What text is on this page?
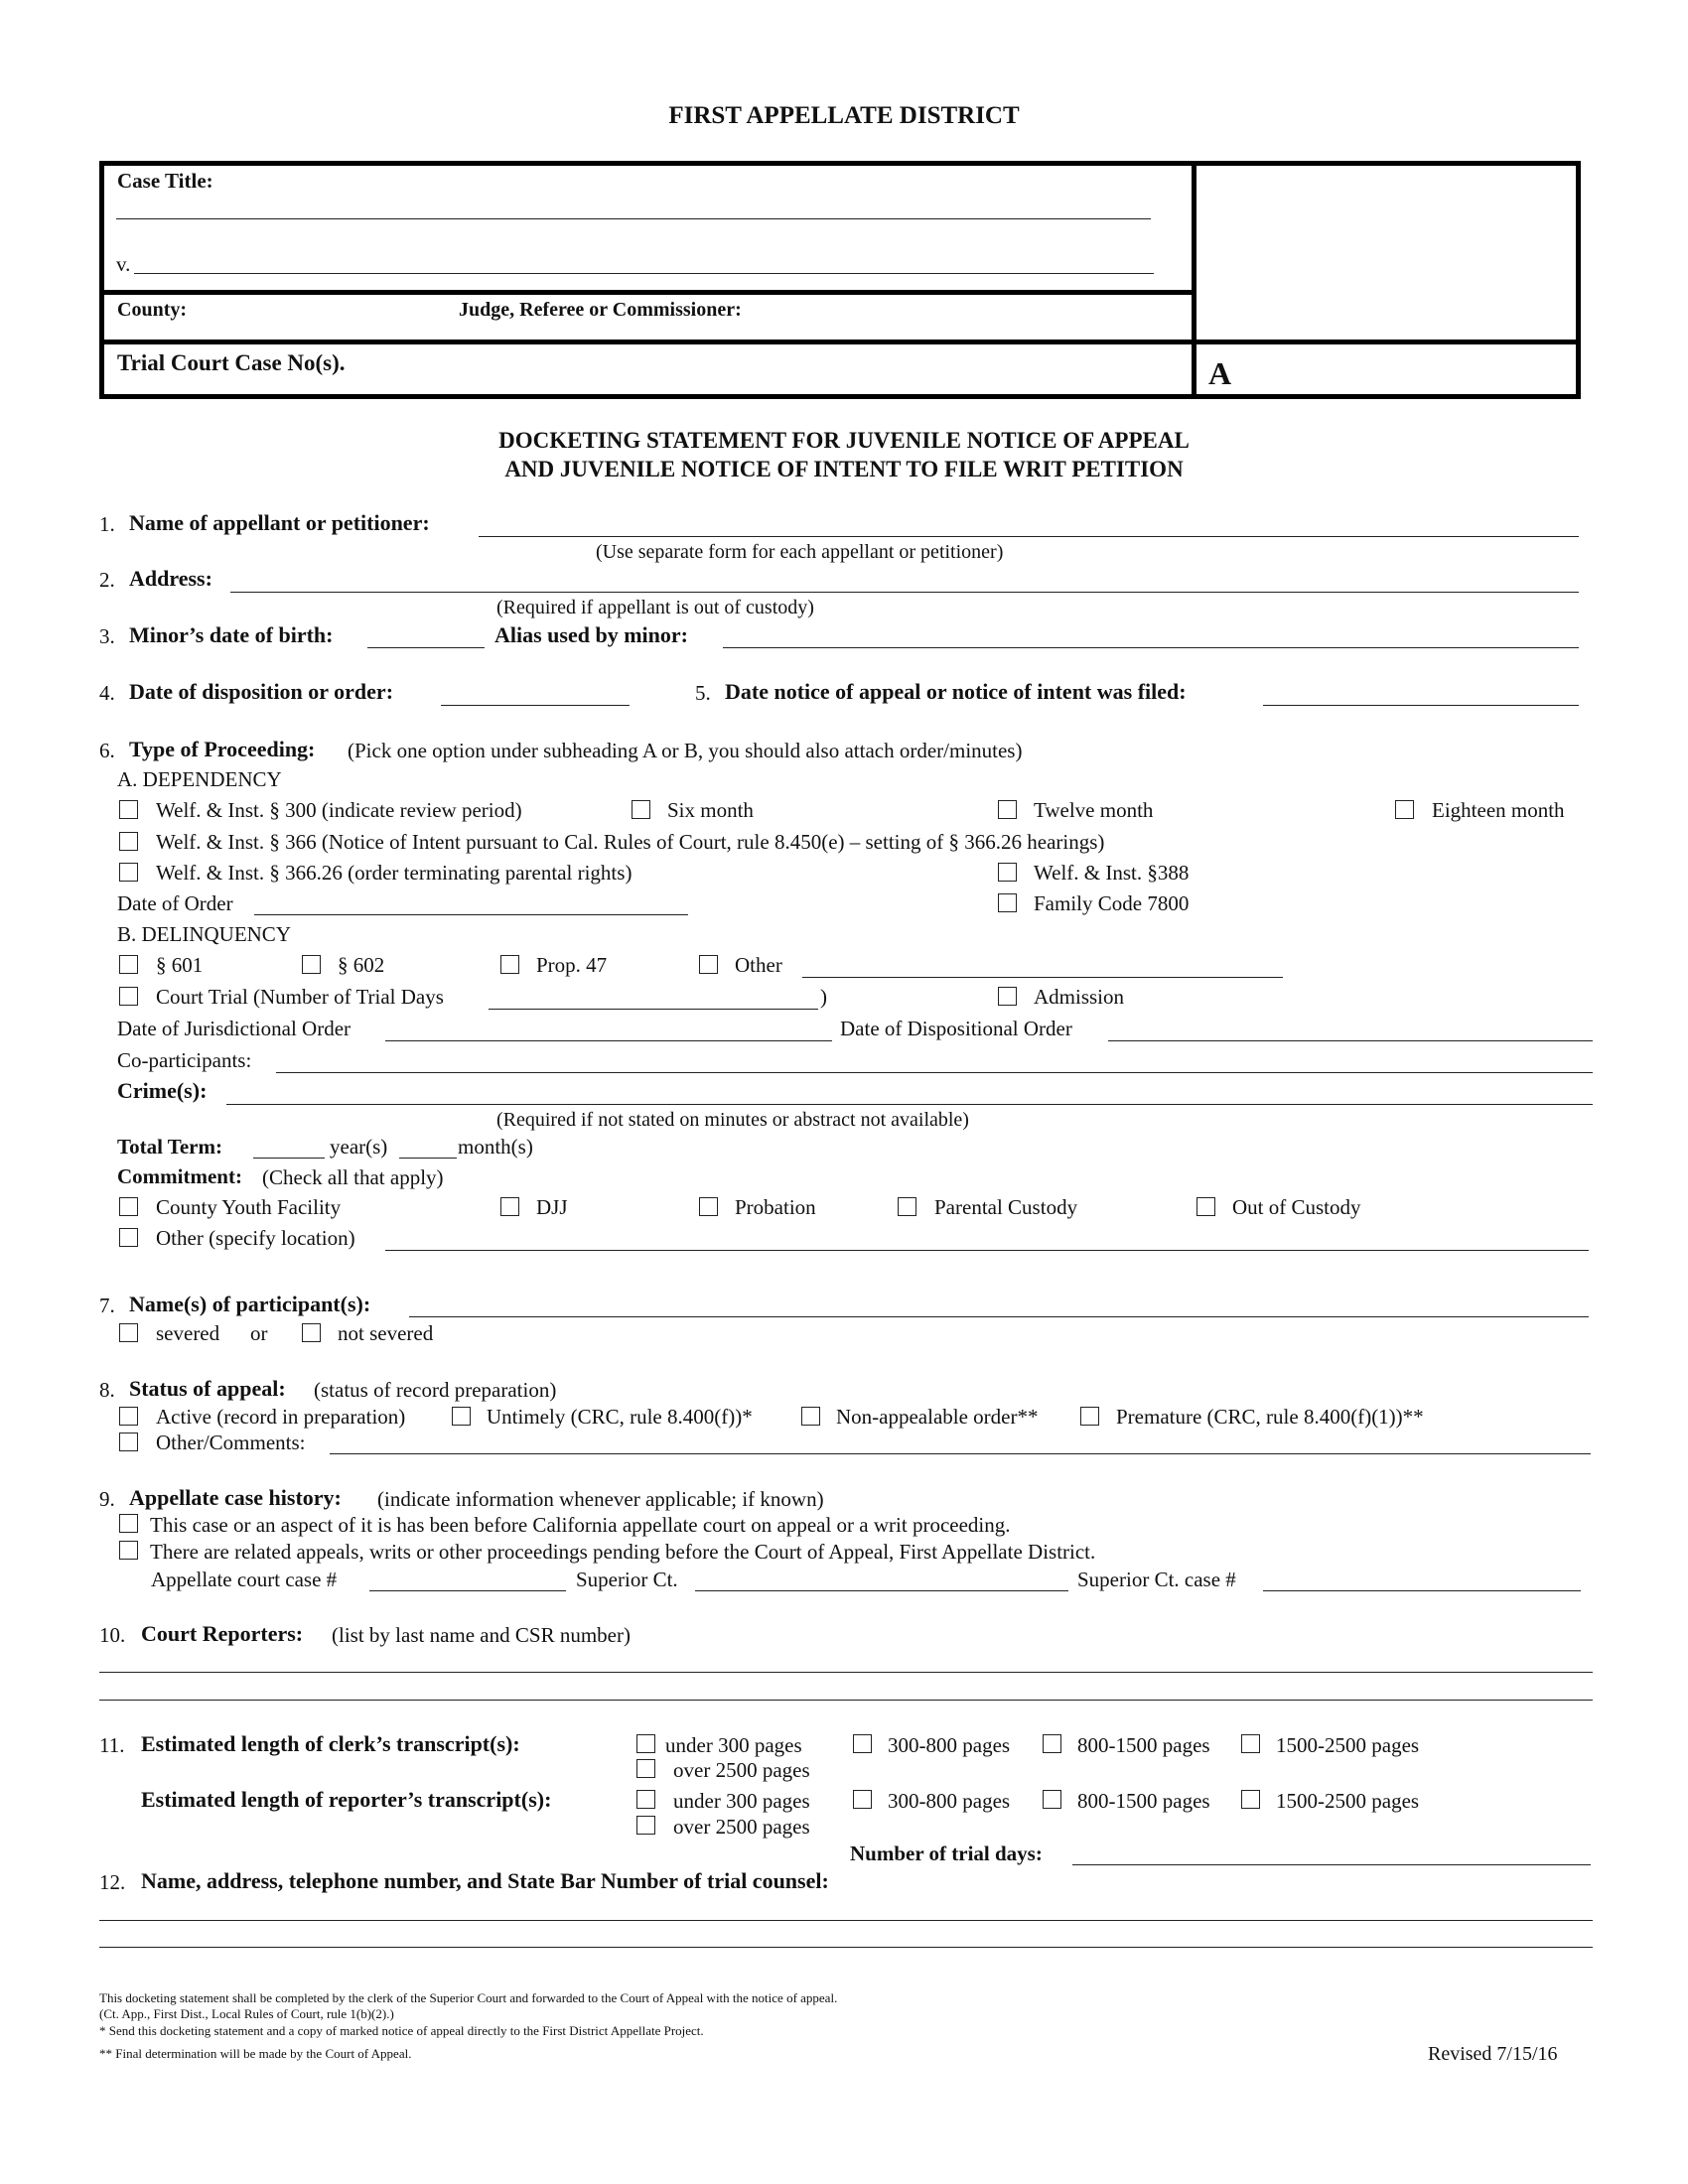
FIRST APPELLATE DISTRICT
Case Title:
v.
County:	Judge, Referee or Commissioner:
Trial Court Case No(s).	A
DOCKETING STATEMENT FOR JUVENILE NOTICE OF APPEAL
AND JUVENILE NOTICE OF INTENT TO FILE WRIT PETITION
1. Name of appellant or petitioner:
(Use separate form for each appellant or petitioner)
2. Address:
(Required if appellant is out of custody)
3. Minor’s date of birth:	Alias used by minor:
4. Date of disposition or order:	5. Date notice of appeal or notice of intent was filed:
6. Type of Proceeding: (Pick one option under subheading A or B, you should also attach order/minutes)
A. DEPENDENCY
Welf. & Inst. § 300 (indicate review period)	Six month	Twelve month	Eighteen month
Welf. & Inst. § 366 (Notice of Intent pursuant to Cal. Rules of Court, rule 8.450(e) – setting of § 366.26 hearings)
Welf. & Inst. § 366.26 (order terminating parental rights)	Welf. & Inst. §388
Date of Order	Family Code 7800
B. DELINQUENCY
§ 601	§ 602	Prop. 47	Other
Court Trial (Number of Trial Days	)	Admission
Date of Jurisdictional Order	Date of Dispositional Order
Co-participants:
Crime(s):
(Required if not stated on minutes or abstract not available)
Total Term:	year(s)	month(s)
Commitment: (Check all that apply)
County Youth Facility	DJJ	Probation	Parental Custody	Out of Custody
Other (specify location)
7. Name(s) of participant(s):
severed or	not severed
8. Status of appeal: (status of record preparation)
Active (record in preparation)	Untimely (CRC, rule 8.400(f))*	Non-appealable order**	Premature (CRC, rule 8.400(f)(1))**
Other/Comments:
9. Appellate case history: (indicate information whenever applicable; if known)
This case or an aspect of it is has been before California appellate court on appeal or a writ proceeding.
There are related appeals, writs or other proceedings pending before the Court of Appeal, First Appellate District.
Appellate court case #	Superior Ct.	Superior Ct. case #
10. Court Reporters: (list by last name and CSR number)
11. Estimated length of clerk’s transcript(s):	under 300 pages	300-800 pages	800-1500 pages	1500-2500 pages
over 2500 pages
Estimated length of reporter’s transcript(s):	under 300 pages	300-800 pages	800-1500 pages	1500-2500 pages
over 2500 pages
Number of trial days:
12. Name, address, telephone number, and State Bar Number of trial counsel:
This docketing statement shall be completed by the clerk of the Superior Court and forwarded to the Court of Appeal with the notice of appeal.
(Ct. App., First Dist., Local Rules of Court, rule 1(b)(2).)
* Send this docketing statement and a copy of marked notice of appeal directly to the First District Appellate Project.
** Final determination will be made by the Court of Appeal.	Revised 7/15/16
